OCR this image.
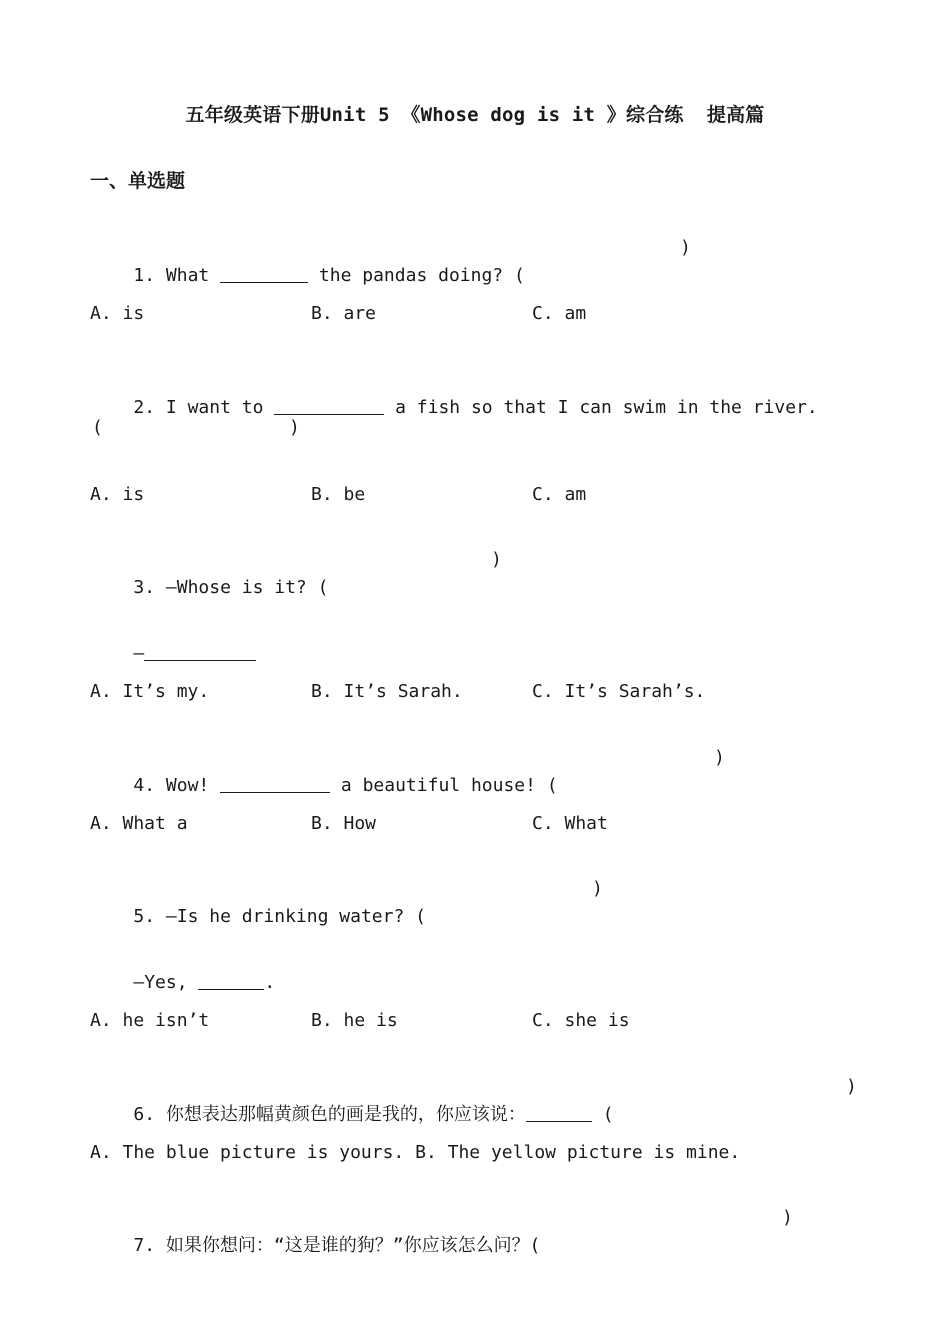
五年级英语下册Unit 5 《Whose dog is it 》综合练  提高篇
一、单选题

1. What	the pandas doing? (

)
A. is	B. are	C. am

2. I want to	a fish so that I can swim in the river.

(	)
A. is	B. be	C. am

3. —Whose is it? (

)

—

A. It’s my.	B. It’s Sarah.	C. It’s Sarah’s.

4. Wow!	a beautiful house! (

)
A. What a	B. How	C. What

5. —Is he drinking water? (

)

—Yes,	.

A. he isn’t	B. he is	C. she is

6. 你想表达那幅黄颜色的画是我的，你应该说：	(

)
A. The blue picture is yours. B. The yellow picture is mine.

7. 如果你想问：“这是谁的狗？”你应该怎么问？(

)
